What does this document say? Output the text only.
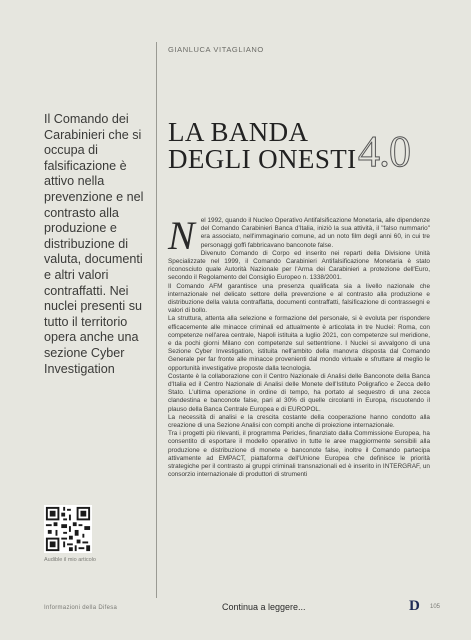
GIANLUCA VITAGLIANO

Il Comando dei Carabinieri che si occupa di falsificazione è attivo nella prevenzione e nel contrasto alla produzione e distribuzione di valuta, documenti e altri valori contraffatti. Nei nuclei presenti su tutto il territorio opera anche una sezione Cyber Investigation

LA BANDA
DEGLI ONESTI 4.0
N el 1992, quando il Nucleo Operativo Antifalsificazione Monetaria, alle dipendenze del Comando Carabinieri Banca d'Italia, iniziò la sua attività, il "falso nummario" era associato, nell'immaginario comune, ad un noto film degli anni 60, in cui tre personaggi goffi fabbricavano banconote false.

Divenuto Comando di Corpo ed inserito nei reparti della Divisione Unità Specializzate nel 1999, il Comando Carabinieri Antifalsificazione Monetaria è stato riconosciuto quale Autorità Nazionale per l'Arma dei Carabinieri a protezione dell'Euro, secondo il Regolamento del Consiglio Europeo n. 1338/2001.

Il Comando AFM garantisce una presenza qualificata sia a livello nazionale che internazionale nel delicato settore della prevenzione e al contrasto alla produzione e distribuzione della valuta contraffatta, documenti contraffatti, falsificazione di contrassegni e valori di bollo.

La struttura, attenta alla selezione e formazione del personale, si è evoluta per rispondere efficacemente alle minacce criminali ed attualmente è articolata in tre Nuclei: Roma, con competenze nell'area centrale, Napoli istituita a luglio 2021, con competenze sul meridione, e da pochi giorni Milano con competenze sul settentrione. I Nuclei si avvalgono di una Sezione Cyber Investigation, istituita nell'ambito della manovra disposta dal Comando Generale per far fronte alle minacce provenienti dal mondo virtuale e sfruttare al meglio le opportunità investigative proposte dalla tecnologia.

Costante è la collaborazione con il Centro Nazionale di Analisi delle Banconote della Banca d'Italia ed il Centro Nazionale di Analisi delle Monete dell'Istituto Poligrafico e Zecca dello Stato. L'ultima operazione in ordine di tempo, ha portato al sequestro di una zecca clandestina e banconote false, pari al 30% di quelle circolanti in Europa, riscuotendo il plauso della Banca Centrale Europea e di EUROPOL.

La necessità di analisi e la crescita costante della cooperazione hanno condotto alla creazione di una Sezione Analisi con compiti anche di proiezione internazionale.

Tra i progetti più rilevanti, il programma Pericles, finanziato dalla Commissione Europea, ha consentito di esportare il modello operativo in tutte le aree maggiormente sensibili alla produzione e distribuzione di monete e banconote false, inoltre il Comando partecipa attivamente ad EMPACT, piattaforma dell'Unione Europea che definisce le priorità strategiche per il contrasto ai gruppi criminali transnazionali ed è inserito in INTERGRAF, un consorzio internazionale di produttori di strumenti

Audible il mio articolo
Informazioni della Difesa	Continua a leggere...	D 105
